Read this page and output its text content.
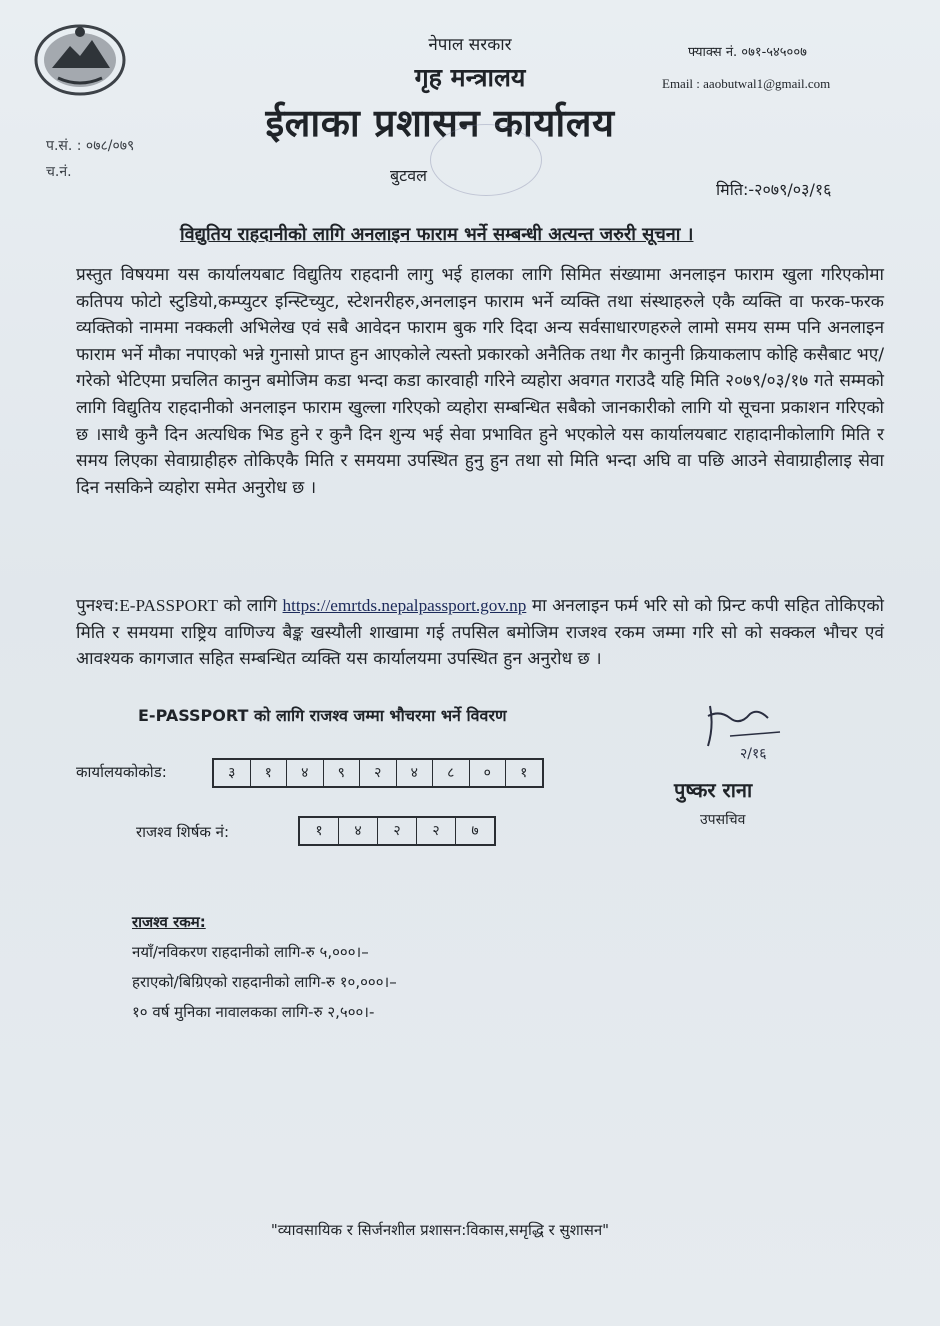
नेपाल सरकार
गृह मन्त्रालय
ईलाका प्रशासन कार्यालय
बुटवल
फ्याक्स नं. ०७१-५४५००७
Email : aaobutwal1@gmail.com
प.सं. : ०७८/०७९
च.नं.
मिति:-२०७९/०३/१६
विद्युतिय राहदानीको लागि अनलाइन फाराम भर्ने सम्बन्धी अत्यन्त जरुरी सूचना ।
प्रस्तुत विषयमा यस कार्यालयबाट विद्युतिय राहदानी लागु भई हालका लागि सिमित संख्यामा अनलाइन फाराम खुला गरिएकोमा कतिपय फोटो स्टुडियो,कम्प्युटर इन्स्टिच्युट, स्टेशनरीहरु,अनलाइन फाराम भर्ने व्यक्ति तथा संस्थाहरुले एकै व्यक्ति वा फरक-फरक व्यक्तिको नाममा नक्कली अभिलेख एवं सबै आवेदन फाराम बुक गरि दिदा अन्य सर्वसाधारणहरुले लामो समय सम्म पनि अनलाइन फाराम भर्ने मौका नपाएको भन्ने गुनासो प्राप्त हुन आएकोले त्यस्तो प्रकारको अनैतिक तथा गैर कानुनी क्रियाकलाप कोहि कसैबाट भए/गरेको भेटिएमा प्रचलित कानुन बमोजिम कडा भन्दा कडा कारवाही गरिने व्यहोरा अवगत गराउदै यहि मिति २०७९/०३/१७ गते सम्मको लागि विद्युतिय राहदानीको अनलाइन फाराम खुल्ला गरिएको व्यहोरा सम्बन्धित सबैको जानकारीको लागि यो सूचना प्रकाशन गरिएको छ ।साथै कुनै दिन अत्यधिक भिड हुने र कुनै दिन शुन्य भई सेवा प्रभावित हुने भएकोले यस कार्यालयबाट राहादानीकोलागि मिति र समय लिएका सेवाग्राहीहरु तोकिएकै मिति र समयमा उपस्थित हुनु हुन तथा सो मिति भन्दा अघि वा पछि आउने सेवाग्राहीलाइ सेवा दिन नसकिने व्यहोरा समेत अनुरोध छ ।
पुनश्च:E-PASSPORT को लागि https://emrtds.nepalpassport.gov.np मा अनलाइन फर्म भरि सो को प्रिन्ट कपी सहित तोकिएको मिति र समयमा राष्ट्रिय वाणिज्य बैङ्क खस्यौली शाखामा गई तपसिल बमोजिम राजश्व रकम जम्मा गरि सो को सक्कल भौचर एवं आवश्यक कागजात सहित सम्बन्धित व्यक्ति यस कार्यालयमा उपस्थित हुन अनुरोध छ ।
E-PASSPORT को लागि राजश्व जम्मा भौचरमा भर्ने विवरण
कार्यालयकोकोड:	३	१	४	९	२	४	८	०	१
राजश्व शिर्षक नं:	१	४	२	२	७
२/१६
पुष्कर राना
उपसचिव
राजश्व रकम:
नयाँ/नविकरण राहदानीको लागि-रु ५,०००।–
हराएको/बिग्रिएको राहदानीको लागि-रु १०,०००।–
१० वर्ष मुनिका नावालकका लागि-रु २,५००।-
"व्यावसायिक र सिर्जनशील प्रशासन:विकास,समृद्धि र सुशासन"
